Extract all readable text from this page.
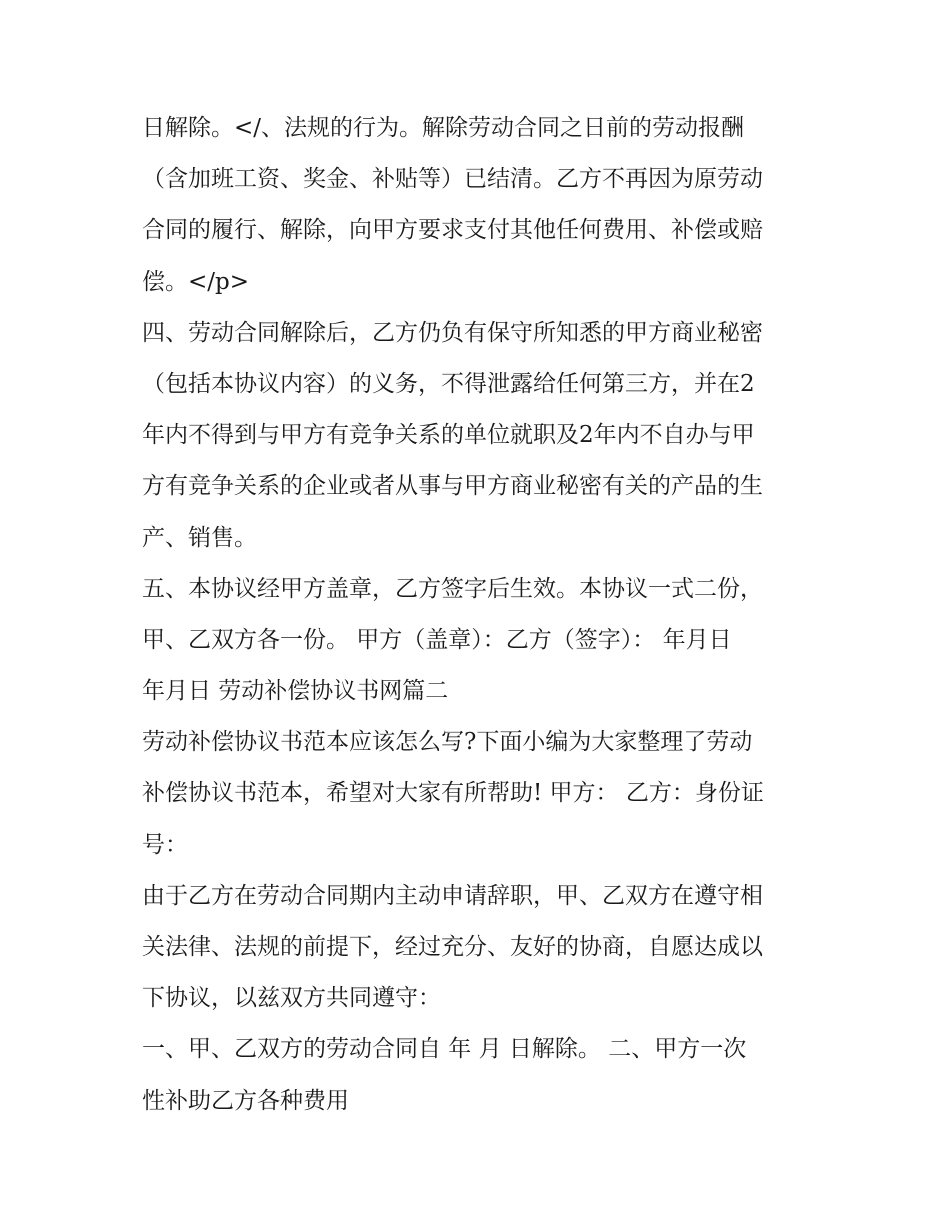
日解除。</、法规的行为。解除劳动合同之日前的劳动报酬
（含加班工资、奖金、补贴等）已结清。乙方不再因为原劳动
合同的履行、解除，向甲方要求支付其他任何费用、补偿或赔
偿。</p>
四、劳动合同解除后，乙方仍负有保守所知悉的甲方商业秘密
（包括本协议内容）的义务，不得泄露给任何第三方，并在2
年内不得到与甲方有竞争关系的单位就职及2年内不自办与甲
方有竞争关系的企业或者从事与甲方商业秘密有关的产品的生
产、销售。
五、本协议经甲方盖章，乙方签字后生效。本协议一式二份，
甲、乙双方各一份。 甲方（盖章）：乙方（签字）： 年月日
年月日 劳动补偿协议书网篇二
劳动补偿协议书范本应该怎么写?下面小编为大家整理了劳动
补偿协议书范本，希望对大家有所帮助! 甲方： 乙方：身份证
号：
由于乙方在劳动合同期内主动申请辞职，甲、乙双方在遵守相
关法律、法规的前提下，经过充分、友好的协商，自愿达成以
下协议，以兹双方共同遵守：
一、甲、乙双方的劳动合同自 年 月 日解除。 二、甲方一次
性补助乙方各种费用
